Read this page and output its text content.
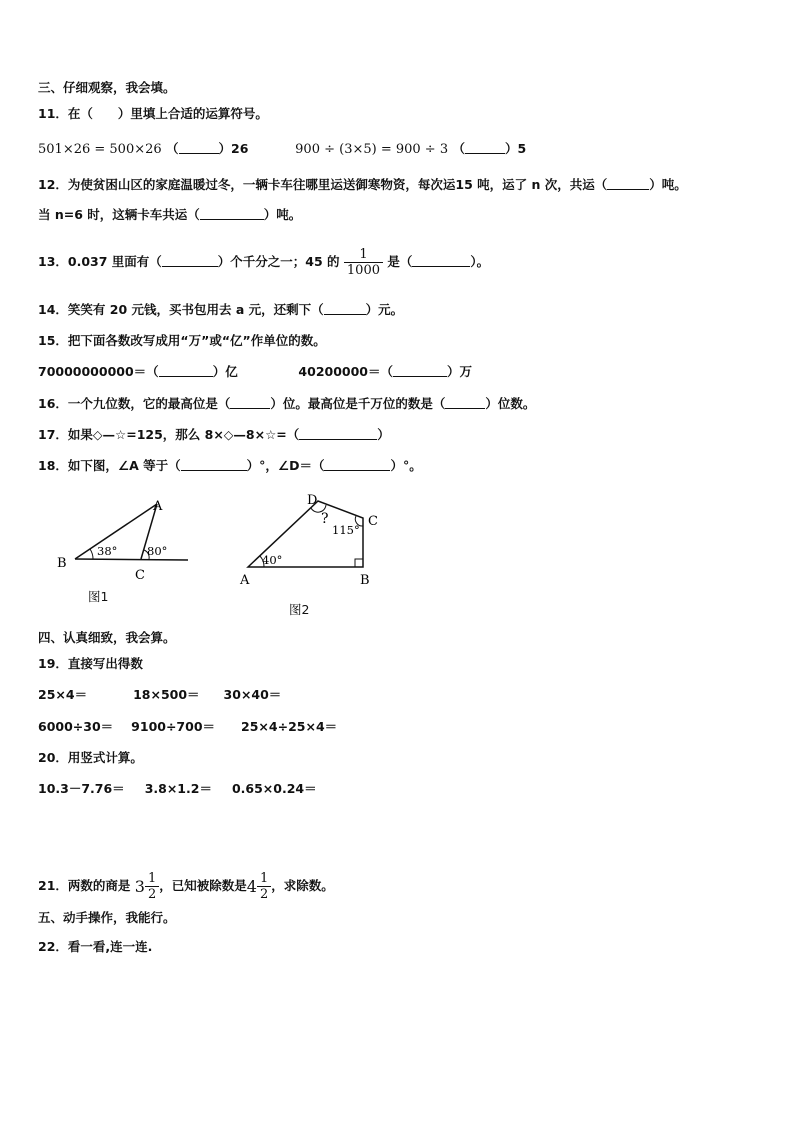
三、仔细观察，我会填。
11．在（　　）里填上合适的运算符号。
501×26 = 500×26 （	）26	900 ÷ (3×5) = 900 ÷ 3 （	）5
12．为使贫困山区的家庭温暖过冬，一辆卡车往哪里运送御寒物资，每次运15 吨，运了 n 次，共运（	）吨。
当 n=6 时，这辆卡车共运（	）吨。
13．0.037 里面有（	）个千分之一；45 的 $\frac{1}{1000}$ 是（	）。
14．笑笑有 20 元钱，买书包用去 a 元，还剩下（	）元。
15．把下面各数改写成用“万”或“亿”作单位的数。
70000000000＝（	）亿	40200000＝（	）万
16．一个九位数，它的最高位是（	）位。最高位是千万位的数是（	）位数。
17．如果◇—☆=125，那么 8×◇—8×☆=（	）
18．如下图，∠A 等于（	）°，∠D＝（	）°。
B
A
C
38°	80°
图1
A
D
C
B
40°
?
115°
图2
四、认真细致，我会算。
19．直接写出得数
25×4＝	18×500＝ 30×40＝
6000÷30＝ 9100÷700＝ 25×4÷25×4＝
20．用竖式计算。
10.3－7.76＝ 3.8×1.2＝ 0.65×0.24＝
21．两数的商是 $3 \frac{1}{2}$ ，已知被除数是$4 \frac{1}{2}$ ，求除数。
五、动手操作，我能行。
22．看一看,连一连.
